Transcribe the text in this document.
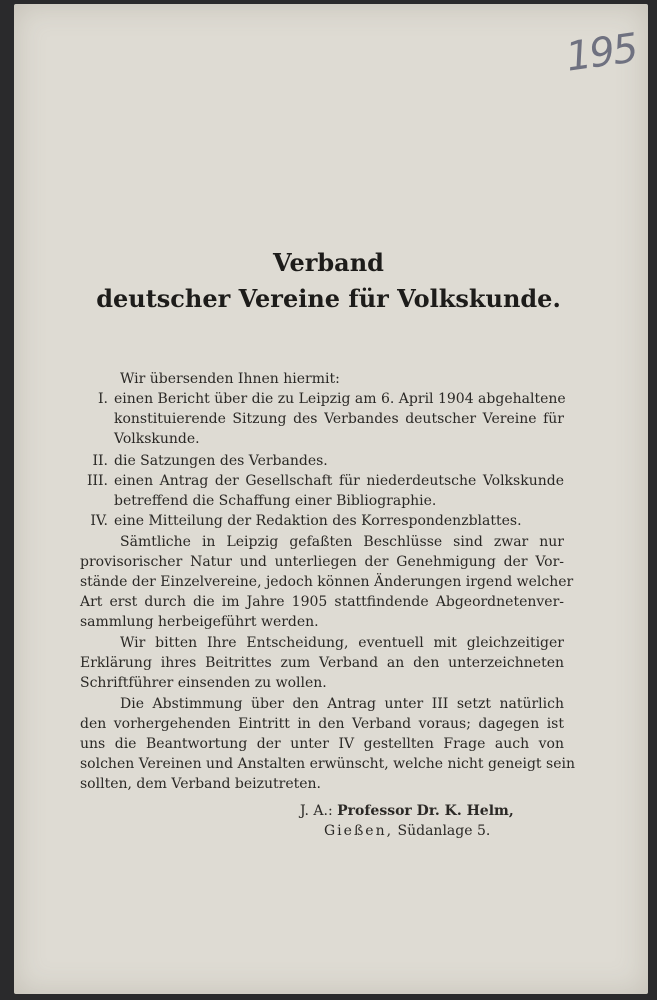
195
Verband
deutscher Vereine für Volkskunde.
Wir übersenden Ihnen hiermit:
I. einen Bericht über die zu Leipzig am 6. April 1904 abgehaltene
konstituierende Sitzung des Verbandes deutscher Vereine für
Volkskunde.
II. die Satzungen des Verbandes.
III. einen Antrag der Gesellschaft für niederdeutsche Volkskunde
betreffend die Schaffung einer Bibliographie.
IV. eine Mitteilung der Redaktion des Korrespondenzblattes.
Sämtliche in Leipzig gefaßten Beschlüsse sind zwar nur
provisorischer Natur und unterliegen der Genehmigung der Vor-
stände der Einzelvereine, jedoch können Änderungen irgend welcher
Art erst durch die im Jahre 1905 stattfindende Abgeordnetenver-
sammlung herbeigeführt werden.
Wir bitten Ihre Entscheidung, eventuell mit gleichzeitiger
Erklärung ihres Beitrittes zum Verband an den unterzeichneten
Schriftführer einsenden zu wollen.
Die Abstimmung über den Antrag unter III setzt natürlich
den vorhergehenden Eintritt in den Verband voraus; dagegen ist
uns die Beantwortung der unter IV gestellten Frage auch von
solchen Vereinen und Anstalten erwünscht, welche nicht geneigt sein
sollten, dem Verband beizutreten.
J. A.: Professor Dr. K. Helm,
Gießen, Südanlage 5.
